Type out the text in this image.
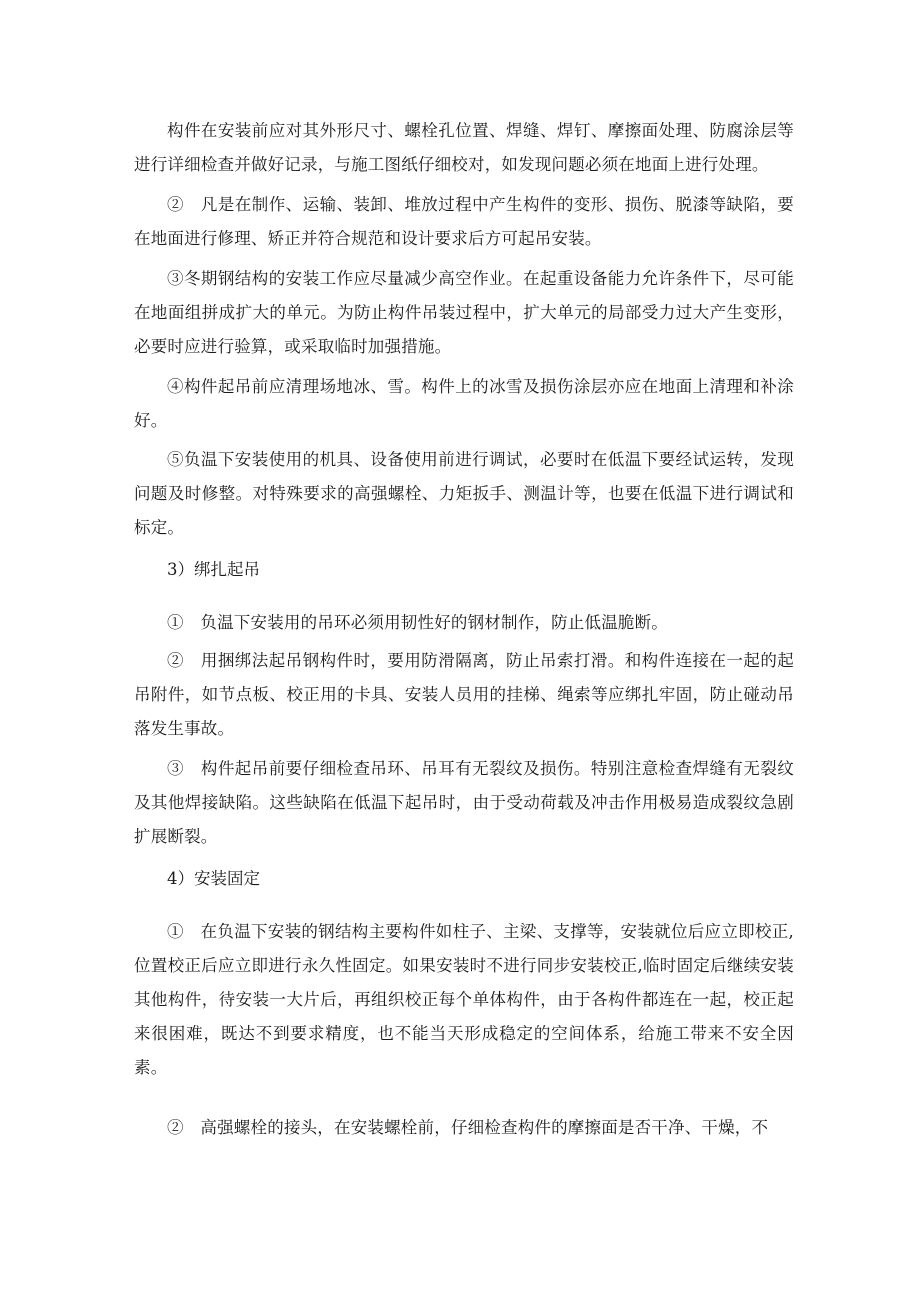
构件在安装前应对其外形尺寸、螺栓孔位置、焊缝、焊钉、摩擦面处理、防腐涂层等进行详细检查并做好记录，与施工图纸仔细校对，如发现问题必须在地面上进行处理。

②　凡是在制作、运输、装卸、堆放过程中产生构件的变形、损伤、脱漆等缺陷，要在地面进行修理、矫正并符合规范和设计要求后方可起吊安装。

③冬期钢结构的安装工作应尽量减少高空作业。在起重设备能力允许条件下，尽可能在地面组拼成扩大的单元。为防止构件吊装过程中，扩大单元的局部受力过大产生变形，必要时应进行验算，或采取临时加强措施。

④构件起吊前应清理场地冰、雪。构件上的冰雪及损伤涂层亦应在地面上清理和补涂好。

⑤负温下安装使用的机具、设备使用前进行调试，必要时在低温下要经试运转，发现问题及时修整。对特殊要求的高强螺栓、力矩扳手、测温计等，也要在低温下进行调试和标定。

3）绑扎起吊

①　负温下安装用的吊环必须用韧性好的钢材制作，防止低温脆断。

②　用捆绑法起吊钢构件时，要用防滑隔离，防止吊索打滑。和构件连接在一起的起吊附件，如节点板、校正用的卡具、安装人员用的挂梯、绳索等应绑扎牢固，防止碰动吊落发生事故。

③　构件起吊前要仔细检查吊环、吊耳有无裂纹及损伤。特别注意检查焊缝有无裂纹及其他焊接缺陷。这些缺陷在低温下起吊时，由于受动荷载及冲击作用极易造成裂纹急剧扩展断裂。

4）安装固定

①　在负温下安装的钢结构主要构件如柱子、主梁、支撑等，安装就位后应立即校正,位置校正后应立即进行永久性固定。如果安装时不进行同步安装校正,临时固定后继续安装其他构件，待安装一大片后，再组织校正每个单体构件，由于各构件都连在一起，校正起来很困难，既达不到要求精度，也不能当天形成稳定的空间体系，给施工带来不安全因素。

②　高强螺栓的接头，在安装螺栓前，仔细检查构件的摩擦面是否干净、干燥，不
